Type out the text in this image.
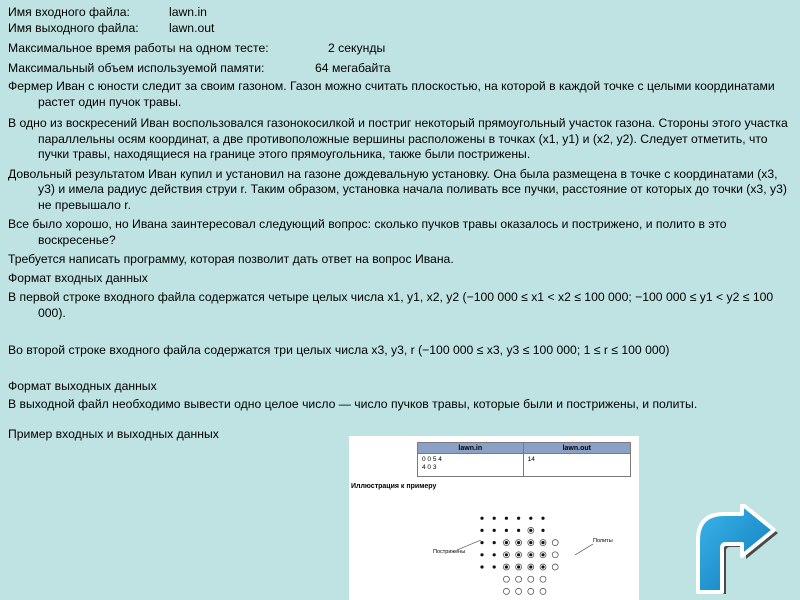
Имя входного файла:	lawn.in
Имя выходного файла: lawn.out
Максимальное время работы на одном тесте:	2 секунды
Максимальный объем используемой памяти:	64 мегабайта

Фермер Иван с юности следит за своим газоном. Газон можно считать плоскостью, на которой в каждой точке с целыми координатами растет один пучок травы.

В одно из воскресений Иван воспользовался газонокосилкой и постриг некоторый прямоугольный участок газона. Стороны этого участка параллельны осям координат, а две противоположные вершины расположены в точках (x1, y1) и (x2, y2). Следует отметить, что пучки травы, находящиеся на границе этого прямоугольника, также были пострижены.

Довольный результатом Иван купил и установил на газоне дождевальную установку. Она была размещена в точке с координатами (x3, y3) и имела радиус действия струи r. Таким образом, установка начала поливать все пучки, расстояние от которых до точки (x3, y3) не превышало r.

Все было хорошо, но Ивана заинтересовал следующий вопрос: сколько пучков травы оказалось и пострижено, и полито в это воскресенье?

Требуется написать программу, которая позволит дать ответ на вопрос Ивана.

Формат входных данных

В первой строке входного файла содержатся четыре целых числа x1, y1, x2, y2 (−100 000 ≤ x1 < x2 ≤ 100 000; −100 000 ≤ y1 < y2 ≤ 100 000).

Во второй строке входного файла содержатся три целых числа x3, y3, r (−100 000 ≤ x3, y3 ≤ 100 000; 1 ≤ r ≤ 100 000)

Формат выходных данных

В выходной файл необходимо вывести одно целое число — число пучков травы, которые были и пострижены, и политы.

Пример входных и выходных данных

lawn.in	lawn.out

0 0 5 4
4 0 3	14
Иллюстрация к примеру
Пострижены
Политы
